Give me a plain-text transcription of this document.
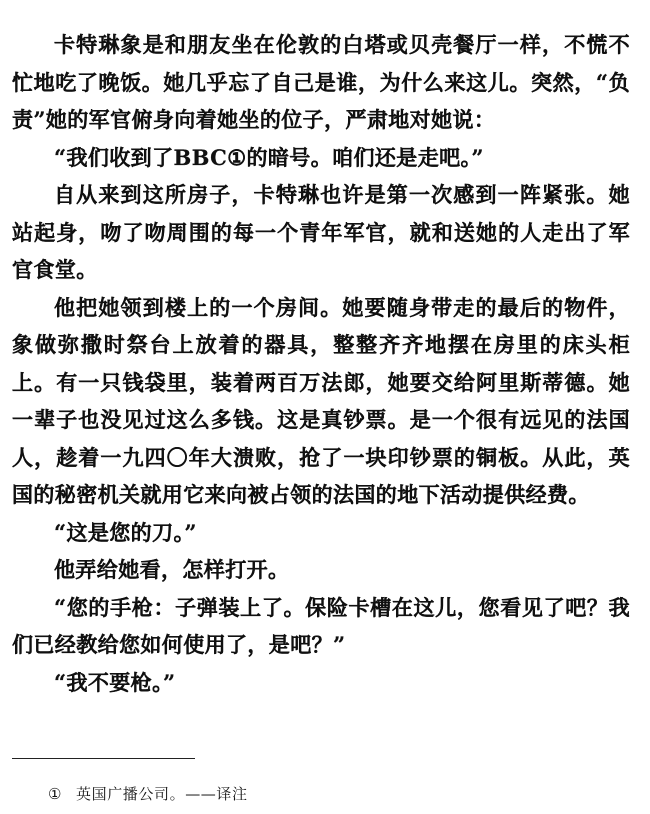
卡特琳象是和朋友坐在伦敦的白塔或贝壳餐厅一样，不慌不忙地吃了晚饭。她几乎忘了自己是谁，为什么来这儿。突然，“负责”她的军官俯身向着她坐的位子，严肃地对她说：

“我们收到了BBC①的暗号。咱们还是走吧。”

自从来到这所房子，卡特琳也许是第一次感到一阵紧张。她站起身，吻了吻周围的每一个青年军官，就和送她的人走出了军官食堂。

他把她领到楼上的一个房间。她要随身带走的最后的物件，象做弥撒时祭台上放着的器具，整整齐齐地摆在房里的床头柜上。有一只钱袋里，装着两百万法郎，她要交给阿里斯蒂德。她一辈子也没见过这么多钱。这是真钞票。是一个很有远见的法国人，趁着一九四〇年大溃败，抢了一块印钞票的铜板。从此，英国的秘密机关就用它来向被占领的法国的地下活动提供经费。

“这是您的刀。”

他弄给她看，怎样打开。

“您的手枪：子弹装上了。保险卡槽在这儿，您看见了吧？我们已经教给您如何使用了，是吧？”

“我不要枪。”

① 英国广播公司。——译注
